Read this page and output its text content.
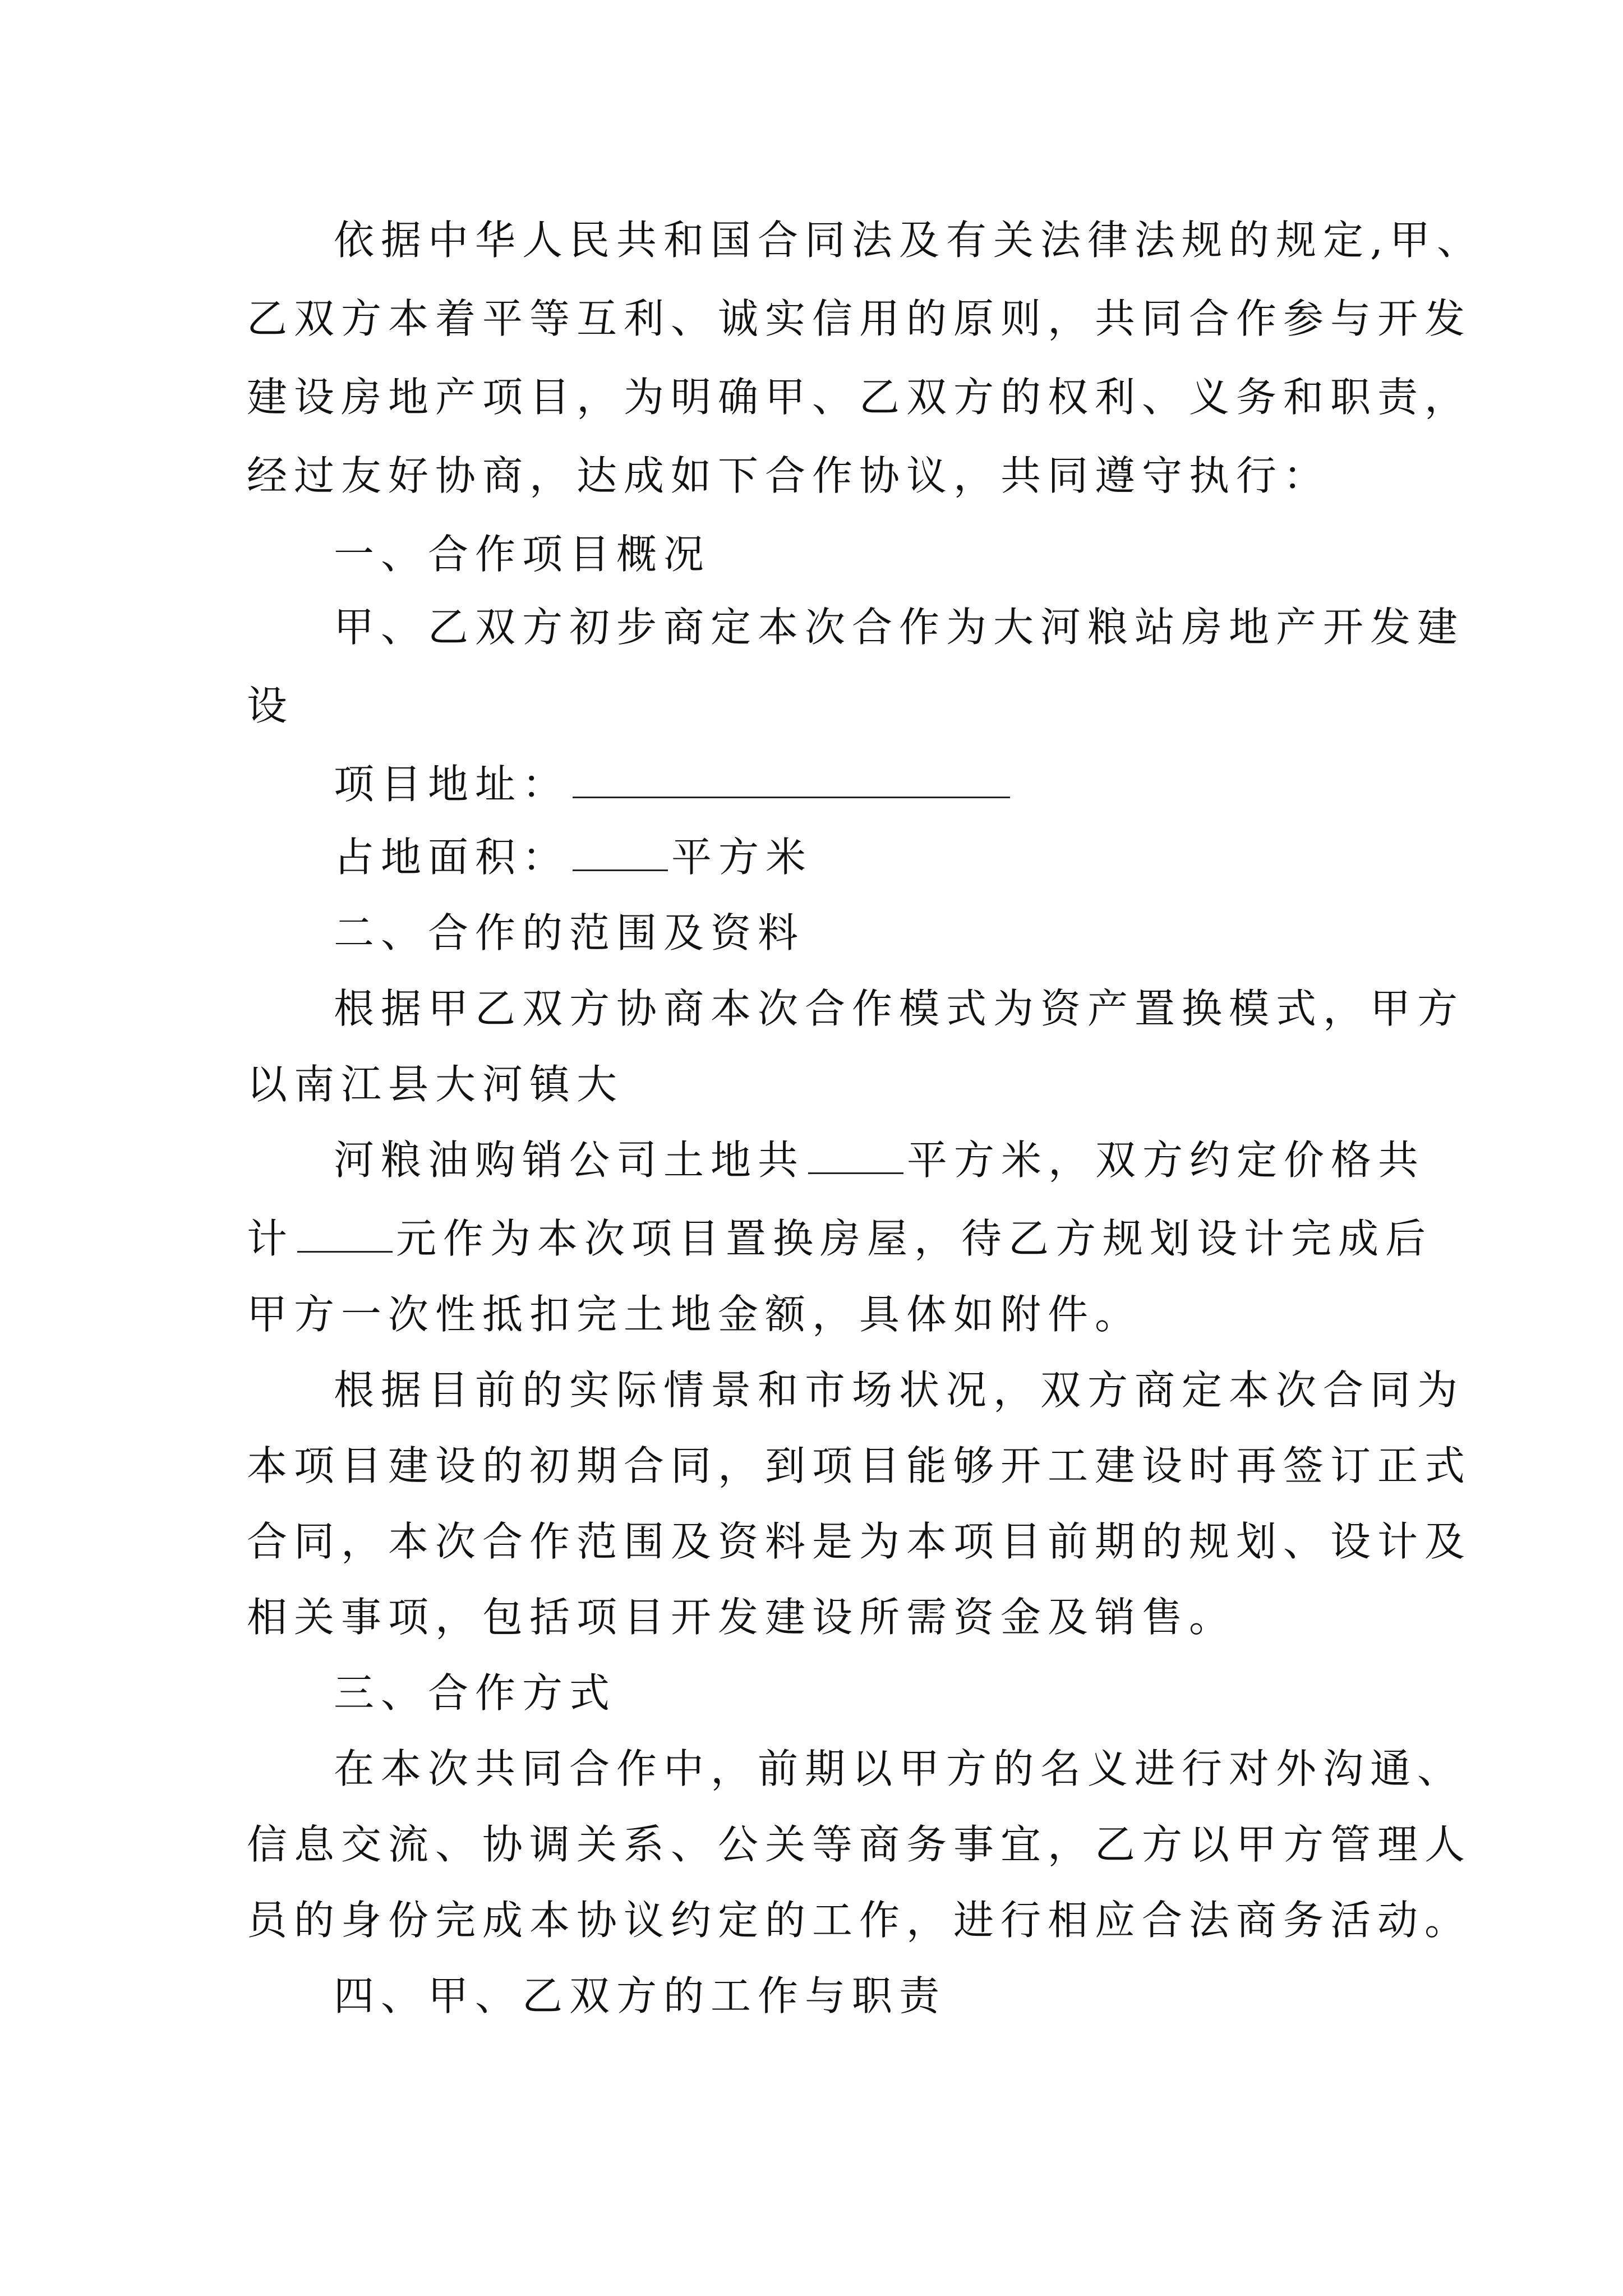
依据中华人民共和国合同法及有关法律法规的规定,甲、
乙双方本着平等互利、诚实信用的原则，共同合作参与开发
建设房地产项目，为明确甲、乙双方的权利、义务和职责，
经过友好协商，达成如下合作协议，共同遵守执行：
一、合作项目概况
甲、乙双方初步商定本次合作为大河粮站房地产开发建
设
项目地址：
占地面积：	平方米
二、合作的范围及资料
根据甲乙双方协商本次合作模式为资产置换模式，甲方
以南江县大河镇大
河粮油购销公司土地共	平方米，双方约定价格共
计	元作为本次项目置换房屋，待乙方规划设计完成后
甲方一次性抵扣完土地金额，具体如附件。
根据目前的实际情景和市场状况，双方商定本次合同为
本项目建设的初期合同，到项目能够开工建设时再签订正式
合同，本次合作范围及资料是为本项目前期的规划、设计及
相关事项，包括项目开发建设所需资金及销售。
三、合作方式
在本次共同合作中，前期以甲方的名义进行对外沟通、
信息交流、协调关系、公关等商务事宜，乙方以甲方管理人
员的身份完成本协议约定的工作，进行相应合法商务活动。
四、甲、乙双方的工作与职责
